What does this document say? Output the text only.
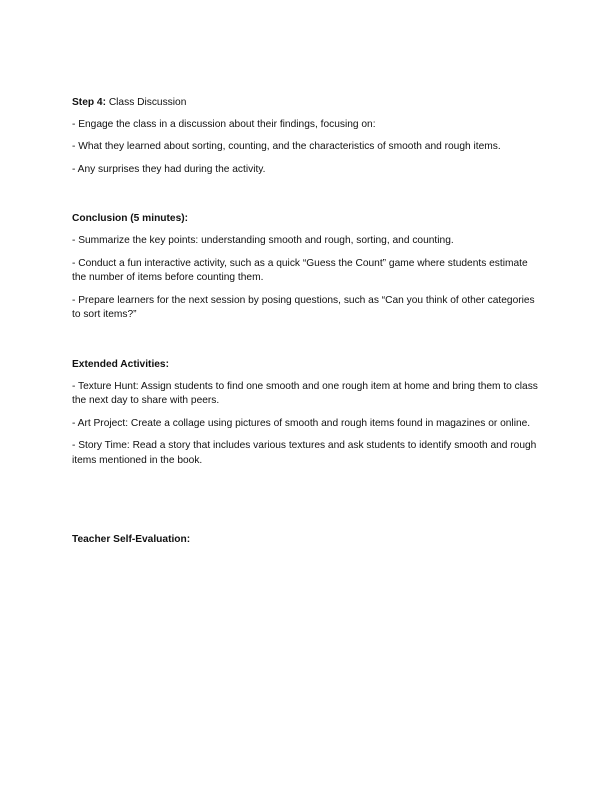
Step 4: Class Discussion

- Engage the class in a discussion about their findings, focusing on:

- What they learned about sorting, counting, and the characteristics of smooth and rough items.

- Any surprises they had during the activity.

Conclusion (5 minutes):

- Summarize the key points: understanding smooth and rough, sorting, and counting.

- Conduct a fun interactive activity, such as a quick “Guess the Count” game where students estimate the number of items before counting them.

- Prepare learners for the next session by posing questions, such as “Can you think of other categories to sort items?”

Extended Activities:

- Texture Hunt: Assign students to find one smooth and one rough item at home and bring them to class the next day to share with peers.

- Art Project: Create a collage using pictures of smooth and rough items found in magazines or online.

- Story Time: Read a story that includes various textures and ask students to identify smooth and rough items mentioned in the book.

Teacher Self-Evaluation:
